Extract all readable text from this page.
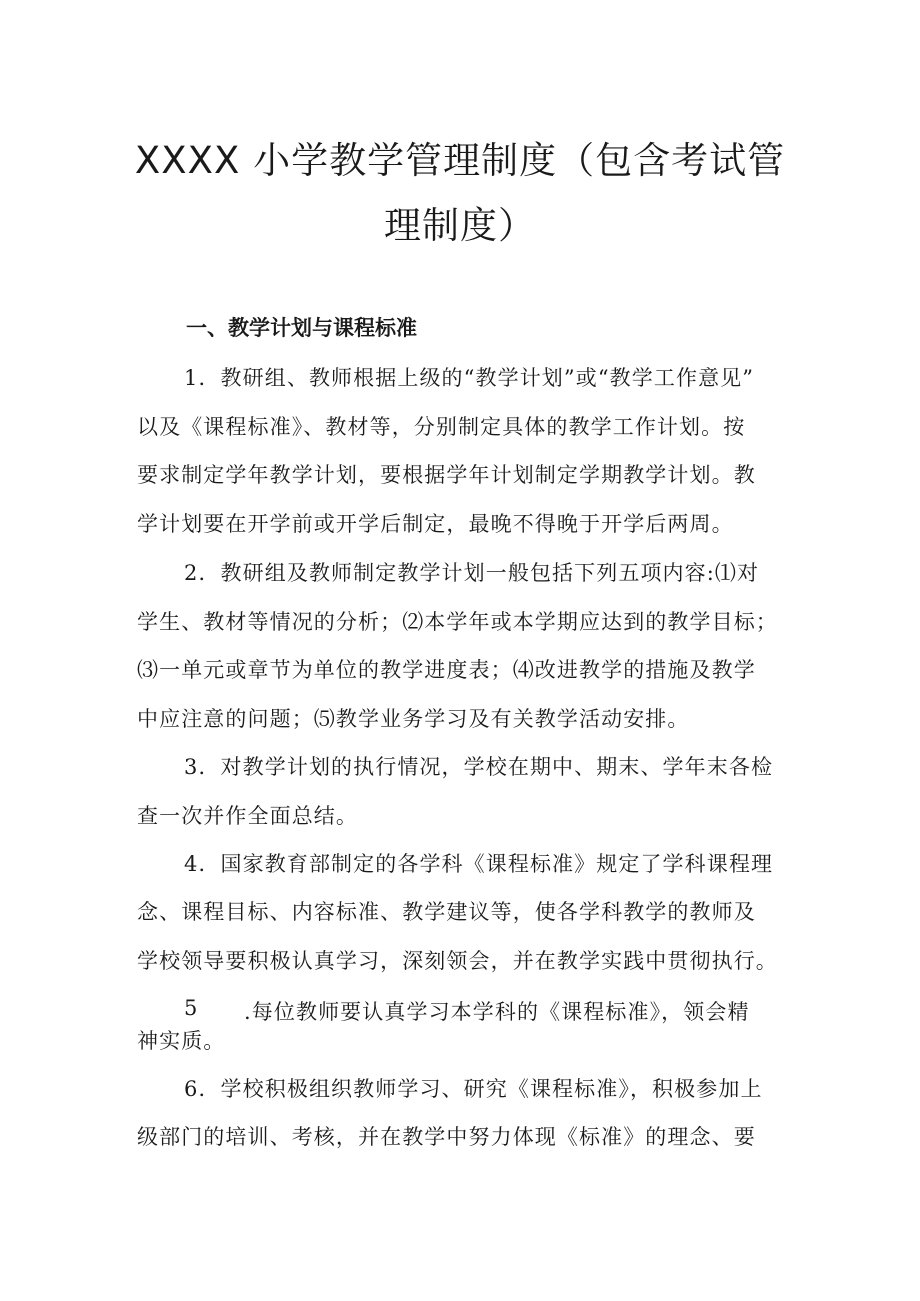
XXXX 小学教学管理制度（包含考试管
理制度）
一、教学计划与课程标准
1．教研组、教师根据上级的“教学计划”或“教学工作意见”
以及《课程标准》、教材等，分别制定具体的教学工作计划。按
要求制定学年教学计划，要根据学年计划制定学期教学计划。教
学计划要在开学前或开学后制定，最晚不得晚于开学后两周。
2．教研组及教师制定教学计划一般包括下列五项内容:⑴对
学生、教材等情况的分析；⑵本学年或本学期应达到的教学目标；
⑶一单元或章节为单位的教学进度表；⑷改进教学的措施及教学
中应注意的问题；⑸教学业务学习及有关教学活动安排。
3．对教学计划的执行情况，学校在期中、期末、学年末各检
查一次并作全面总结。
4．国家教育部制定的各学科《课程标准》规定了学科课程理
念、课程目标、内容标准、教学建议等，使各学科教学的教师及
学校领导要积极认真学习，深刻领会，并在教学实践中贯彻执行。
5 .每位教师要认真学习本学科的《课程标准》，领会精
神实质。
6．学校积极组织教师学习、研究《课程标准》，积极参加上
级部门的培训、考核，并在教学中努力体现《标准》的理念、要
